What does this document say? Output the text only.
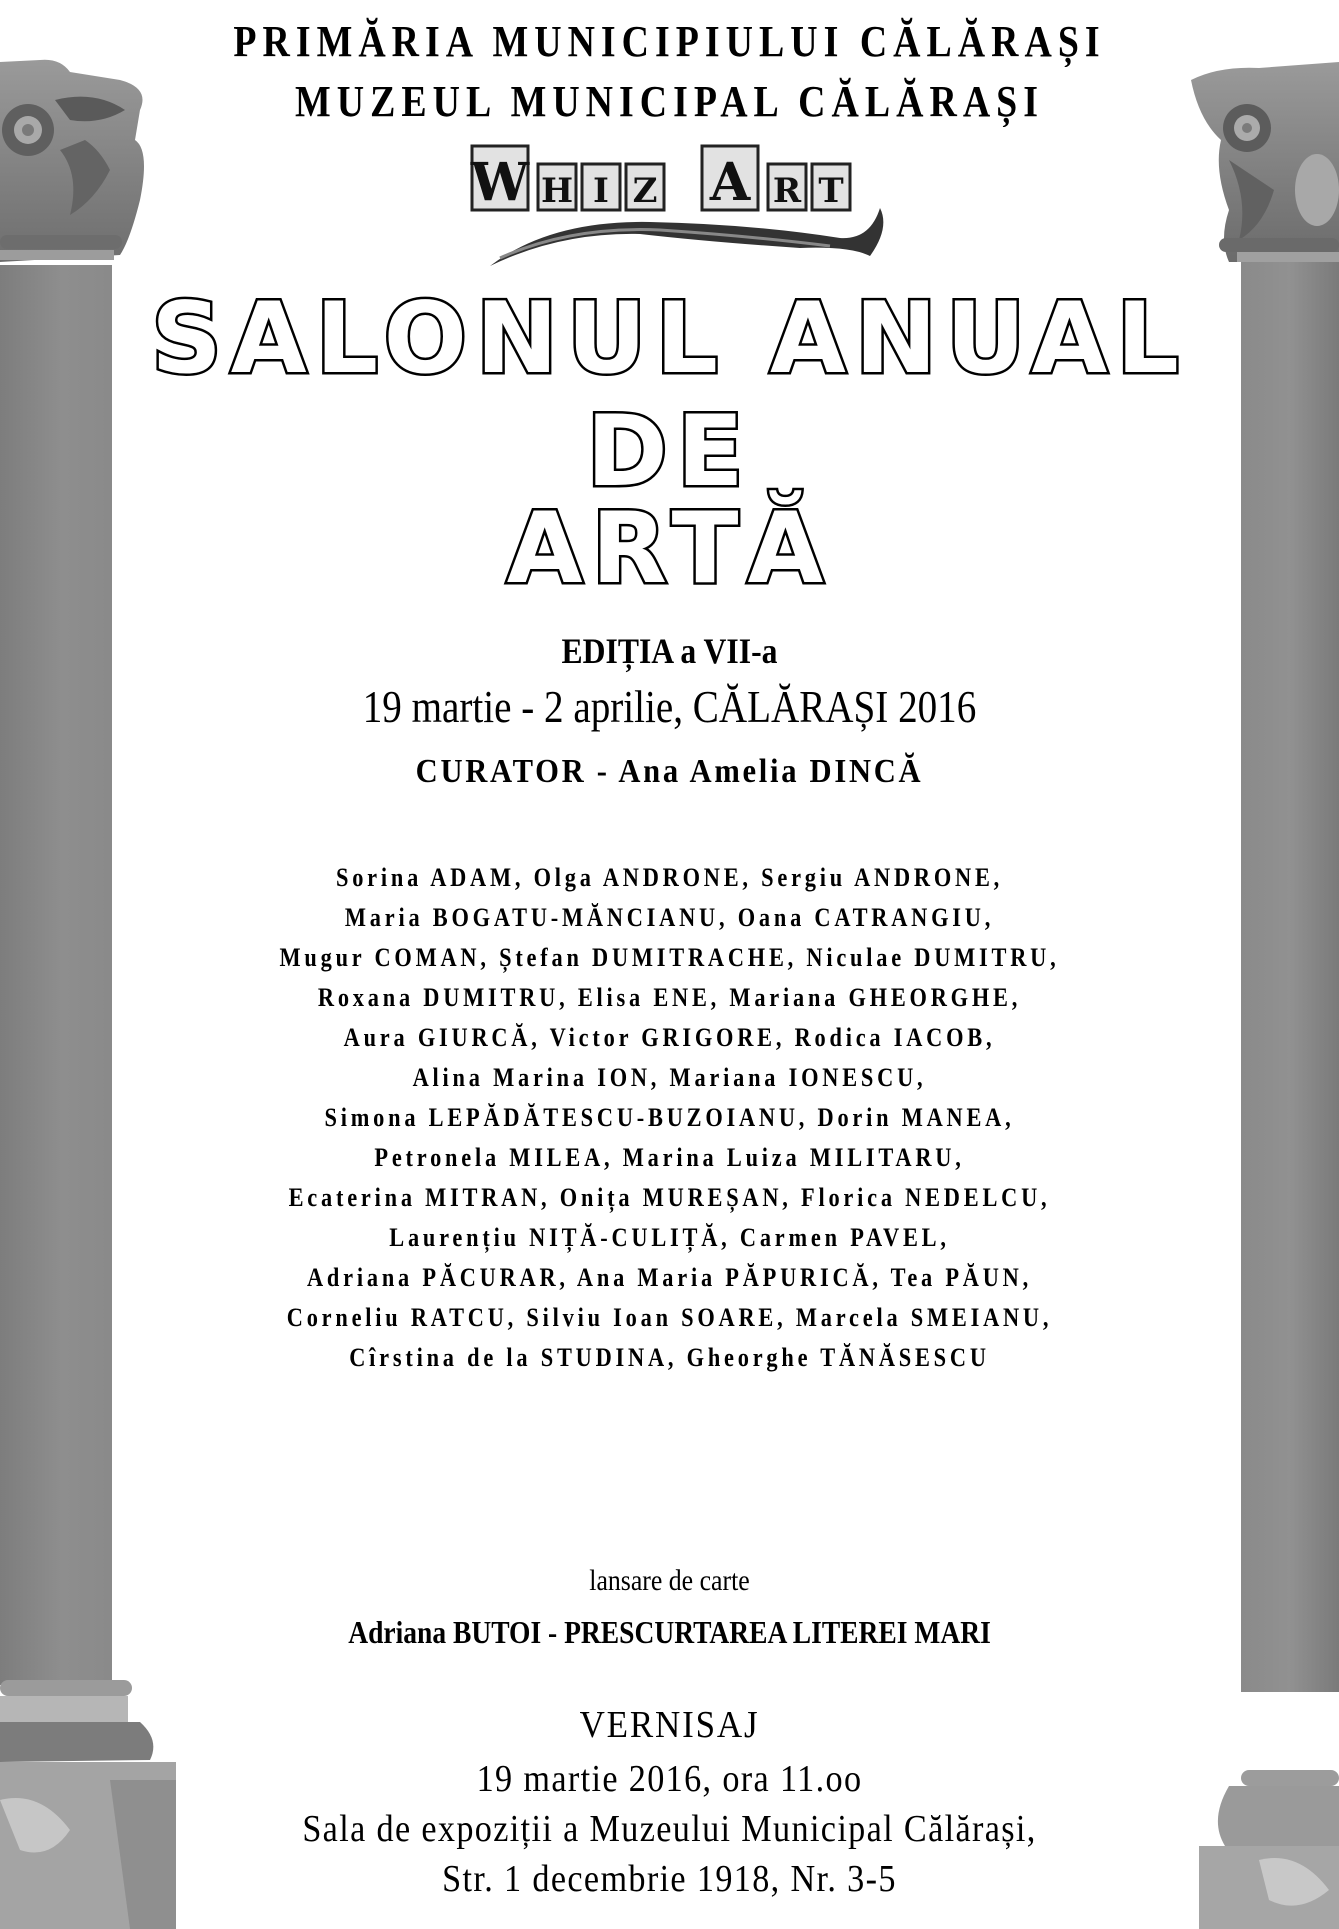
PRIMĂRIA MUNICIPIULUI CĂLĂRAȘI
MUZEUL MUNICIPAL CĂLĂRAȘI
W H I Z A R T
SALONUL ANUAL
DE
ARTĂ
EDIȚIA a VII-a
19 martie - 2 aprilie, CĂLĂRAȘI 2016
CURATOR - Ana Amelia DINCĂ
Sorina ADAM, Olga ANDRONE, Sergiu ANDRONE,
Maria BOGATU-MĂNCIANU, Oana CATRANGIU,
Mugur COMAN, Ștefan DUMITRACHE, Niculae DUMITRU,
Roxana DUMITRU, Elisa ENE, Mariana GHEORGHE,
Aura GIURCĂ, Victor GRIGORE, Rodica IACOB,
Alina Marina ION, Mariana IONESCU,
Simona LEPĂDĂTESCU-BUZOIANU, Dorin MANEA,
Petronela MILEA, Marina Luiza MILITARU,
Ecaterina MITRAN, Onița MUREȘAN, Florica NEDELCU,
Laurențiu NIȚĂ-CULIȚĂ, Carmen PAVEL,
Adriana PĂCURAR, Ana Maria PĂPURICĂ, Tea PĂUN,
Corneliu RATCU, Silviu Ioan SOARE, Marcela SMEIANU,
Cîrstina de la STUDINA, Gheorghe TĂNĂSESCU
lansare de carte
Adriana BUTOI - PRESCURTAREA LITEREI MARI
VERNISAJ
19 martie 2016, ora 11.oo
Sala de expoziții a Muzeului Municipal Călărași,
Str. 1 decembrie 1918, Nr. 3-5
